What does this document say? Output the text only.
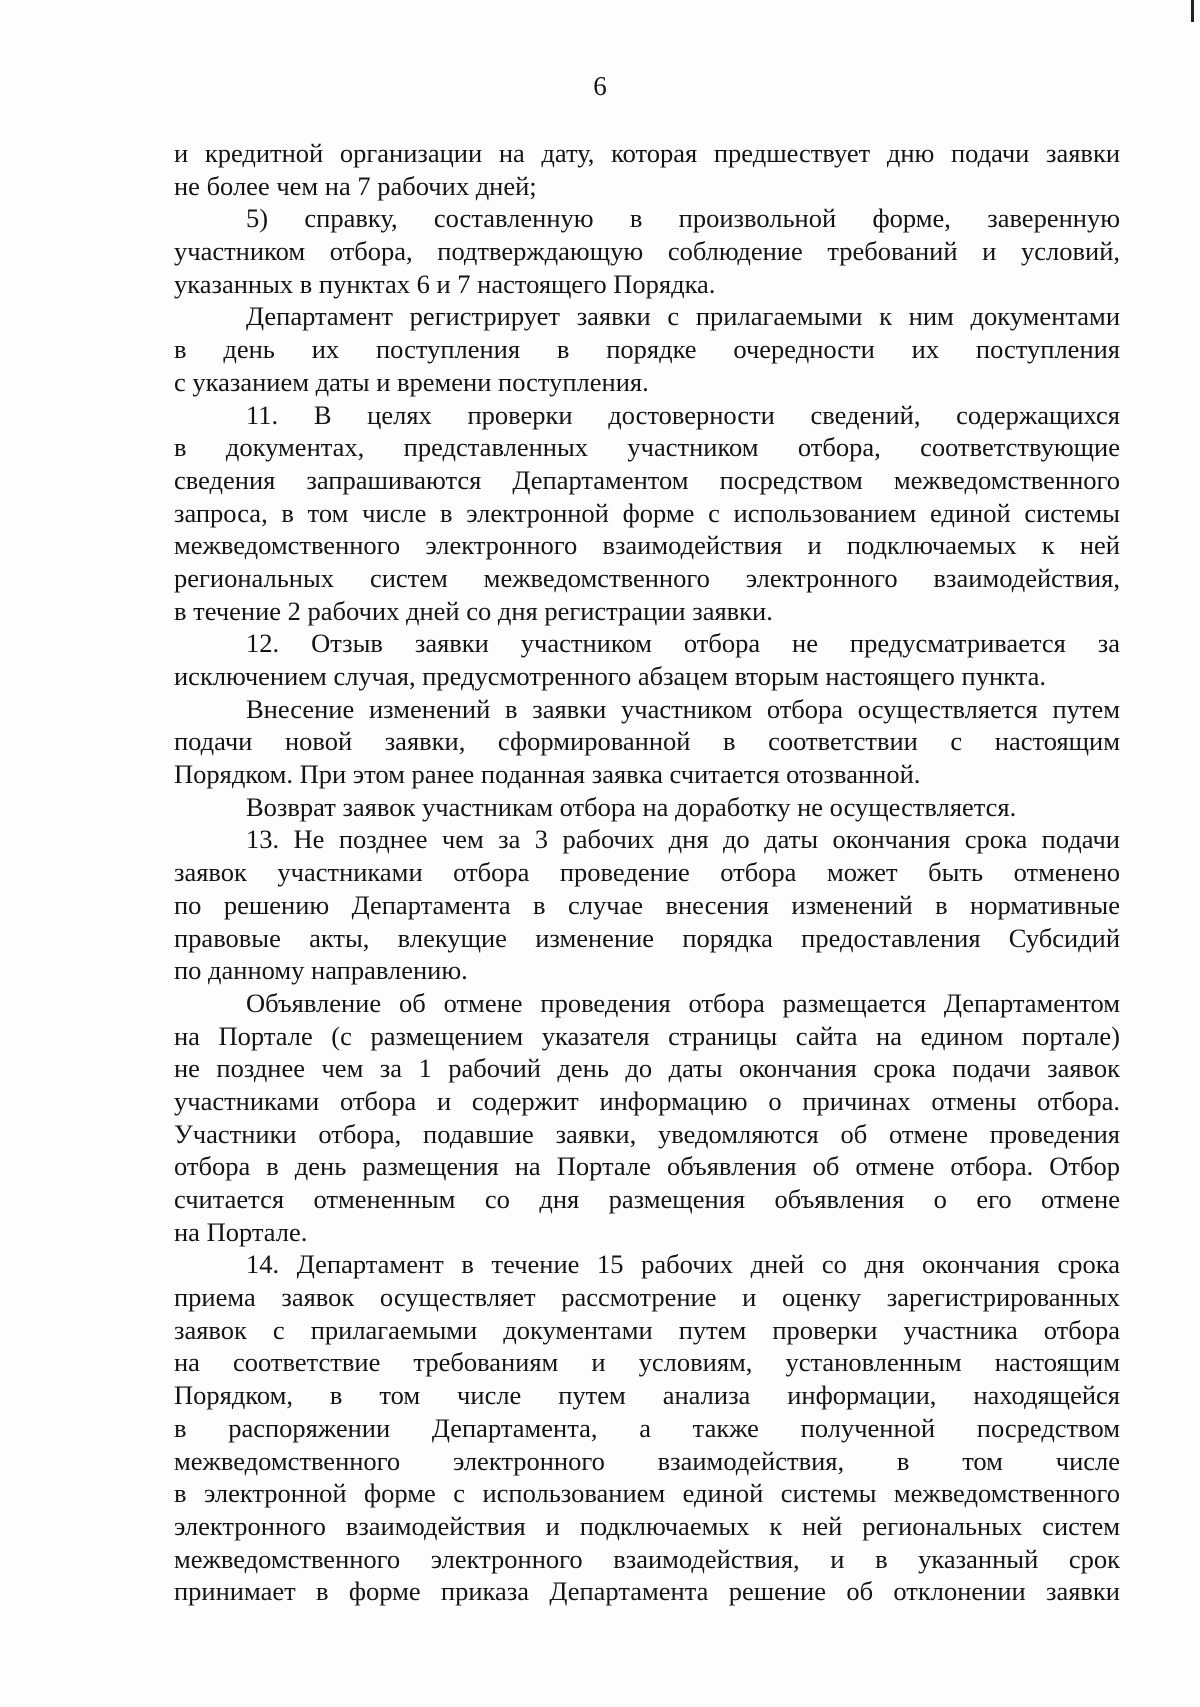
6
и кредитной организации на дату, которая предшествует дню подачи заявки
не более чем на 7 рабочих дней;
5) справку, составленную в произвольной форме, заверенную
участником отбора, подтверждающую соблюдение требований и условий,
указанных в пунктах 6 и 7 настоящего Порядка.
Департамент регистрирует заявки с прилагаемыми к ним документами
в день их поступления в порядке очередности их поступления
с указанием даты и времени поступления.
11. В целях проверки достоверности сведений, содержащихся
в документах, представленных участником отбора, соответствующие
сведения запрашиваются Департаментом посредством межведомственного
запроса, в том числе в электронной форме с использованием единой системы
межведомственного электронного взаимодействия и подключаемых к ней
региональных систем межведомственного электронного взаимодействия,
в течение 2 рабочих дней со дня регистрации заявки.
12. Отзыв заявки участником отбора не предусматривается за
исключением случая, предусмотренного абзацем вторым настоящего пункта.
Внесение изменений в заявки участником отбора осуществляется путем
подачи новой заявки, сформированной в соответствии с настоящим
Порядком. При этом ранее поданная заявка считается отозванной.
Возврат заявок участникам отбора на доработку не осуществляется.
13. Не позднее чем за 3 рабочих дня до даты окончания срока подачи
заявок участниками отбора проведение отбора может быть отменено
по решению Департамента в случае внесения изменений в нормативные
правовые акты, влекущие изменение порядка предоставления Субсидий
по данному направлению.
Объявление об отмене проведения отбора размещается Департаментом
на Портале (с размещением указателя страницы сайта на едином портале)
не позднее чем за 1 рабочий день до даты окончания срока подачи заявок
участниками отбора и содержит информацию о причинах отмены отбора.
Участники отбора, подавшие заявки, уведомляются об отмене проведения
отбора в день размещения на Портале объявления об отмене отбора. Отбор
считается отмененным со дня размещения объявления о его отмене
на Портале.
14. Департамент в течение 15 рабочих дней со дня окончания срока
приема заявок осуществляет рассмотрение и оценку зарегистрированных
заявок с прилагаемыми документами путем проверки участника отбора
на соответствие требованиям и условиям, установленным настоящим
Порядком, в том числе путем анализа информации, находящейся
в распоряжении Департамента, а также полученной посредством
межведомственного электронного взаимодействия, в том числе
в электронной форме с использованием единой системы межведомственного
электронного взаимодействия и подключаемых к ней региональных систем
межведомственного электронного взаимодействия, и в указанный срок
принимает в форме приказа Департамента решение об отклонении заявки
